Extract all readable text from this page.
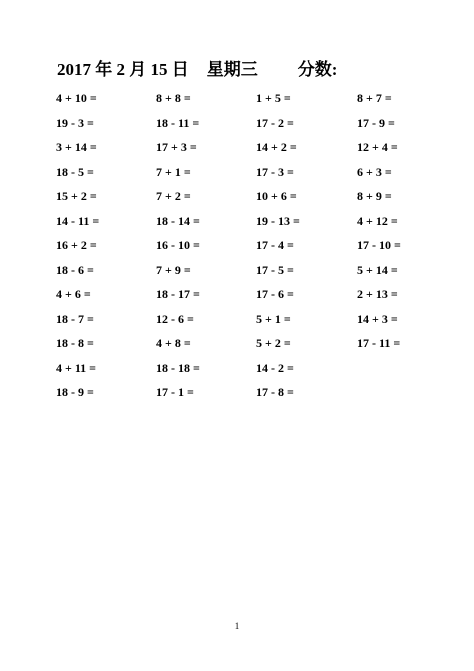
2017 年 2 月 15 日 星期三 分数:
4 + 10 =
19 - 3 =
3 + 14 =
18 - 5 =
15 + 2 =
14 - 11 =
16 + 2 =
18 - 6 =
4 + 6 =
18 - 7 =
18 - 8 =
4 + 11 =
18 - 9 =
8 + 8 =
18 - 11 =
17 + 3 =
7 + 1 =
7 + 2 =
18 - 14 =
16 - 10 =
7 + 9 =
18 - 17 =
12 - 6 =
4 + 8 =
18 - 18 =
17 - 1 =
1 + 5 =
17 - 2 =
14 + 2 =
17 - 3 =
10 + 6 =
19 - 13 =
17 - 4 =
17 - 5 =
17 - 6 =
5 + 1 =
5 + 2 =
14 - 2 =
17 - 8 =
8 + 7 =
17 - 9 =
12 + 4 =
6 + 3 =
8 + 9 =
4 + 12 =
17 - 10 =
5 + 14 =
2 + 13 =
14 + 3 =
17 - 11 =
1
